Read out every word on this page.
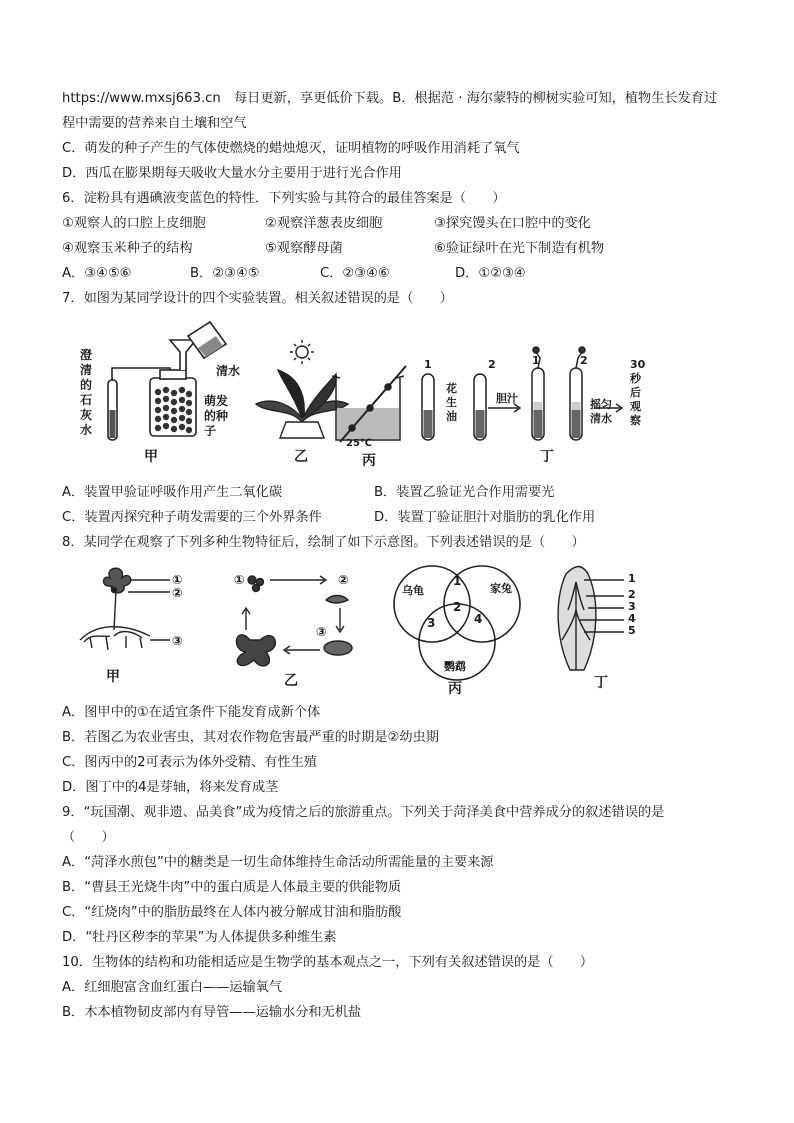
https://www.mxsj663.cn　每日更新，享更低价下载。B．根据范 · 海尔蒙特的柳树实验可知，植物生长发育过
程中需要的营养来自土壤和空气
C．萌发的种子产生的气体使燃烧的蜡烛熄灭，证明植物的呼吸作用消耗了氧气
D．西瓜在膨果期每天吸收大量水分主要用于进行光合作用
6．淀粉具有遇碘液变蓝色的特性．下列实验与其符合的最佳答案是（　　）
①观察人的口腔上皮细胞	②观察洋葱表皮细胞	③探究馒头在口腔中的变化
④观察玉米种子的结构	⑤观察酵母菌	⑥验证绿叶在光下制造有机物
A．③④⑤⑥	B．②③④⑤	C．②③④⑥	D．①②③④
7．如图为某同学设计的四个实验装置。相关叙述错误的是（　　）
澄清的石灰水
清水
萌发的种子
甲	乙
25℃
丙
1	2
花生油
胆汁
1	2
摇匀
清水
30秒后观察
丁
A．装置甲验证呼吸作用产生二氧化碳	B．装置乙验证光合作用需要光
C．装置丙探究种子萌发需要的三个外界条件	D．装置丁验证胆汁对脂肪的乳化作用
8．某同学在观察了下列多种生物特征后，绘制了如下示意图。下列表述错误的是（　　）
①
②
③
甲
①	②
③
乙
乌龟	家兔
鹦鹉
1
2
3	4
丙
1
2
3
4
5
丁
A．图甲中的①在适宜条件下能发育成新个体
B．若图乙为农业害虫，其对农作物危害最严重的时期是②幼虫期
C．图丙中的2可表示为体外受精、有性生殖
D．图丁中的4是芽轴，将来发育成茎
9．“玩国潮、观非遗、品美食”成为疫情之后的旅游重点。下列关于菏泽美食中营养成分的叙述错误的是
（　　）
A．“菏泽水煎包”中的糖类是一切生命体维持生命活动所需能量的主要来源
B．“曹县王光烧牛肉”中的蛋白质是人体最主要的供能物质
C．“红烧肉”中的脂肪最终在人体内被分解成甘油和脂肪酸
D．“牡丹区秽李的苹果”为人体提供多种维生素
10．生物体的结构和功能相适应是生物学的基本观点之一，下列有关叙述错误的是（　　）
A．红细胞富含血红蛋白——运输氧气
B．木本植物韧皮部内有导管——运输水分和无机盐
